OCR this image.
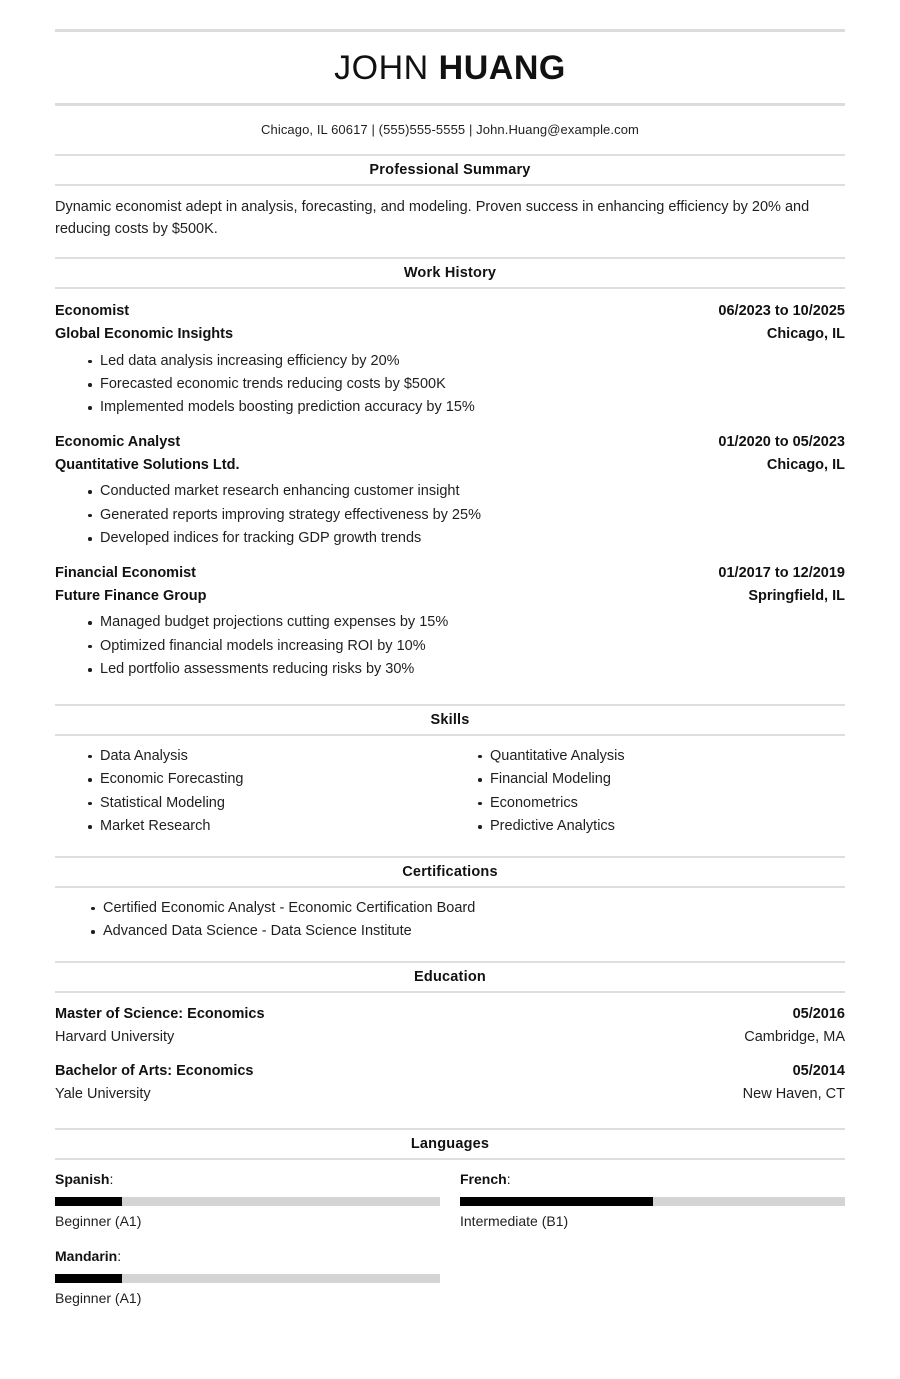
JOHN HUANG
Chicago, IL 60617 | (555)555-5555 | John.Huang@example.com
Professional Summary
Dynamic economist adept in analysis, forecasting, and modeling. Proven success in enhancing efficiency by 20% and reducing costs by $500K.
Work History
Economist	06/2023 to 10/2025
Global Economic Insights	Chicago, IL
Led data analysis increasing efficiency by 20%
Forecasted economic trends reducing costs by $500K
Implemented models boosting prediction accuracy by 15%
Economic Analyst	01/2020 to 05/2023
Quantitative Solutions Ltd.	Chicago, IL
Conducted market research enhancing customer insight
Generated reports improving strategy effectiveness by 25%
Developed indices for tracking GDP growth trends
Financial Economist	01/2017 to 12/2019
Future Finance Group	Springfield, IL
Managed budget projections cutting expenses by 15%
Optimized financial models increasing ROI by 10%
Led portfolio assessments reducing risks by 30%
Skills
Data Analysis
Economic Forecasting
Statistical Modeling
Market Research
Quantitative Analysis
Financial Modeling
Econometrics
Predictive Analytics
Certifications
Certified Economic Analyst - Economic Certification Board
Advanced Data Science - Data Science Institute
Education
Master of Science: Economics	05/2016
Harvard University	Cambridge, MA
Bachelor of Arts: Economics	05/2014
Yale University	New Haven, CT
Languages
Spanish:
Beginner (A1)
French:
Intermediate (B1)
Mandarin:
Beginner (A1)
